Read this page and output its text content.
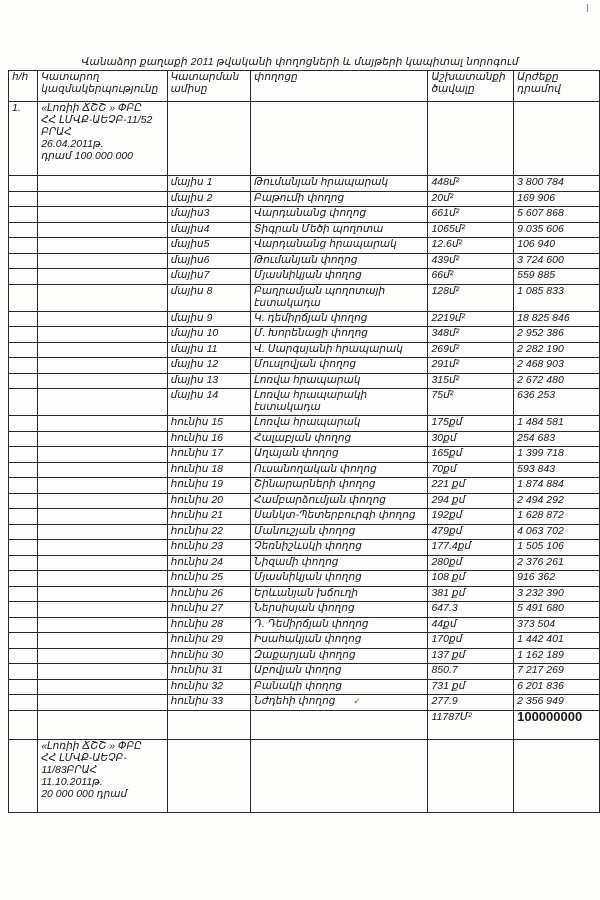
Վանաձոր քաղաքի 2011 թվականի փողոցների և մայթերի կապիտալ նորոգում
հ/հ	Կատարող կազմակերպությունը	Կատարման ամիսը	փողոցը	Աշխատանքի ծավալը	Արժեքը դրամով
1.	«Լոռիի ՃՇՇ » ՓԲԸ
ՀՀ ԼՄՎՔ-ԱԵՉԲ-11/52
ԲՐԱՀ
26.04.2011թ.
դրամ 100 000 000				

		մայիս 1	Թումանյան հրապարակ	448մ²	3 800 784
		մայիս 2	Բաթումի փողոց	20մ²	169 906
		մայիս3	Վարդանանց փողոց	661մ²	5 607 868
		մայիս4	Տիգրան Մեծի պողոտա	1065մ²	9 035 606
		մայիս5	Վարդանանց հրապարակ	12.6մ²	106 940
		մայիս6	Թումանյան փողոց	439մ²	3 724 600
		մայիս7	Մյասնիկյան փողոց	66մ²	559 885
		մայիս 8	Բաղրամյան պողոտայի էստակադա	128մ²	1 085 833
		մայիս 9	Կ. դեմիրճյան փողոց	2219մ²	18 825 846
		մայիս 10	Մ. Խորենացի փողոց	348մ²	2 952 386
		մայիս 11	Վ. Սարգսյանի հրապարակ	269մ²	2 282 190
		մայիս 12	Մուսլովյան փողոց	291մ²	2 468 903
		մայիս 13	Լոռվա հրապարակ	315մ²	2 672 480
		մայիս 14	Լոռվա հրապարակի էստակադա	75մ²	636 253
		հունիս 15	Լոռվա հրապարակ	175քմ	1 484 581
		հունիս 16	Հալաբյան փողոց	30քմ	254 683
		հունիս 17	Աղայան փողոց	165քմ	1 399 718
		հունիս 18	Ուսանողական փողոց	70քմ	593 843
		հունիս 19	Շինարարների փողոց	221 քմ	1 874 884
		հունիս 20	Համբարձումյան փողոց	294 քմ	2 494 292
		հունիս 21	Սանկտ-Պետերբուրգի փողոց	192քմ	1 628 872
		հունիս 22	Մանուշյան փողոց	479քմ	4 063 702
		հունիս 23	Չեռնիշևսկի փողոց	177.4քմ	1 505 106
		հունիս 24	Նիզամի փողոց	280քմ	2 376 261
		հունիս 25	Մյասնիկյան փողոց	108 քմ	916 362
		հունիս 26	Երևանյան խճուղի	381 քմ	3 232 390
		հունիս 27	Ներսիսյան փողոց	647.3	5 491 680
		հունիս 28	Դ. Դեմիրճյան փողոց	44քմ	373 504
		հունիս 29	Իսահակյան փողոց	170քմ	1 442 401
		հունիս 30	Զաքարյան փողոց	137 քմ	1 162 189
		հունիս 31	Աբովյան փողոց	850.7	7 217 269
		հունիս 32	Բանակի փողոց	731 քմ	6 201 836
		հունիս 33	Նժդեհի փողոց ✓	277.9	2 356 949
				11787Մ²	100000000

	«Լոռիի ՃՇՇ » ՓԲԸ
ՀՀ ԼՄՎՔ-ԱԵՉԲ-
11/83ԲՐԱՀ
11.10.2011թ.
20 000 000 դրամ				
